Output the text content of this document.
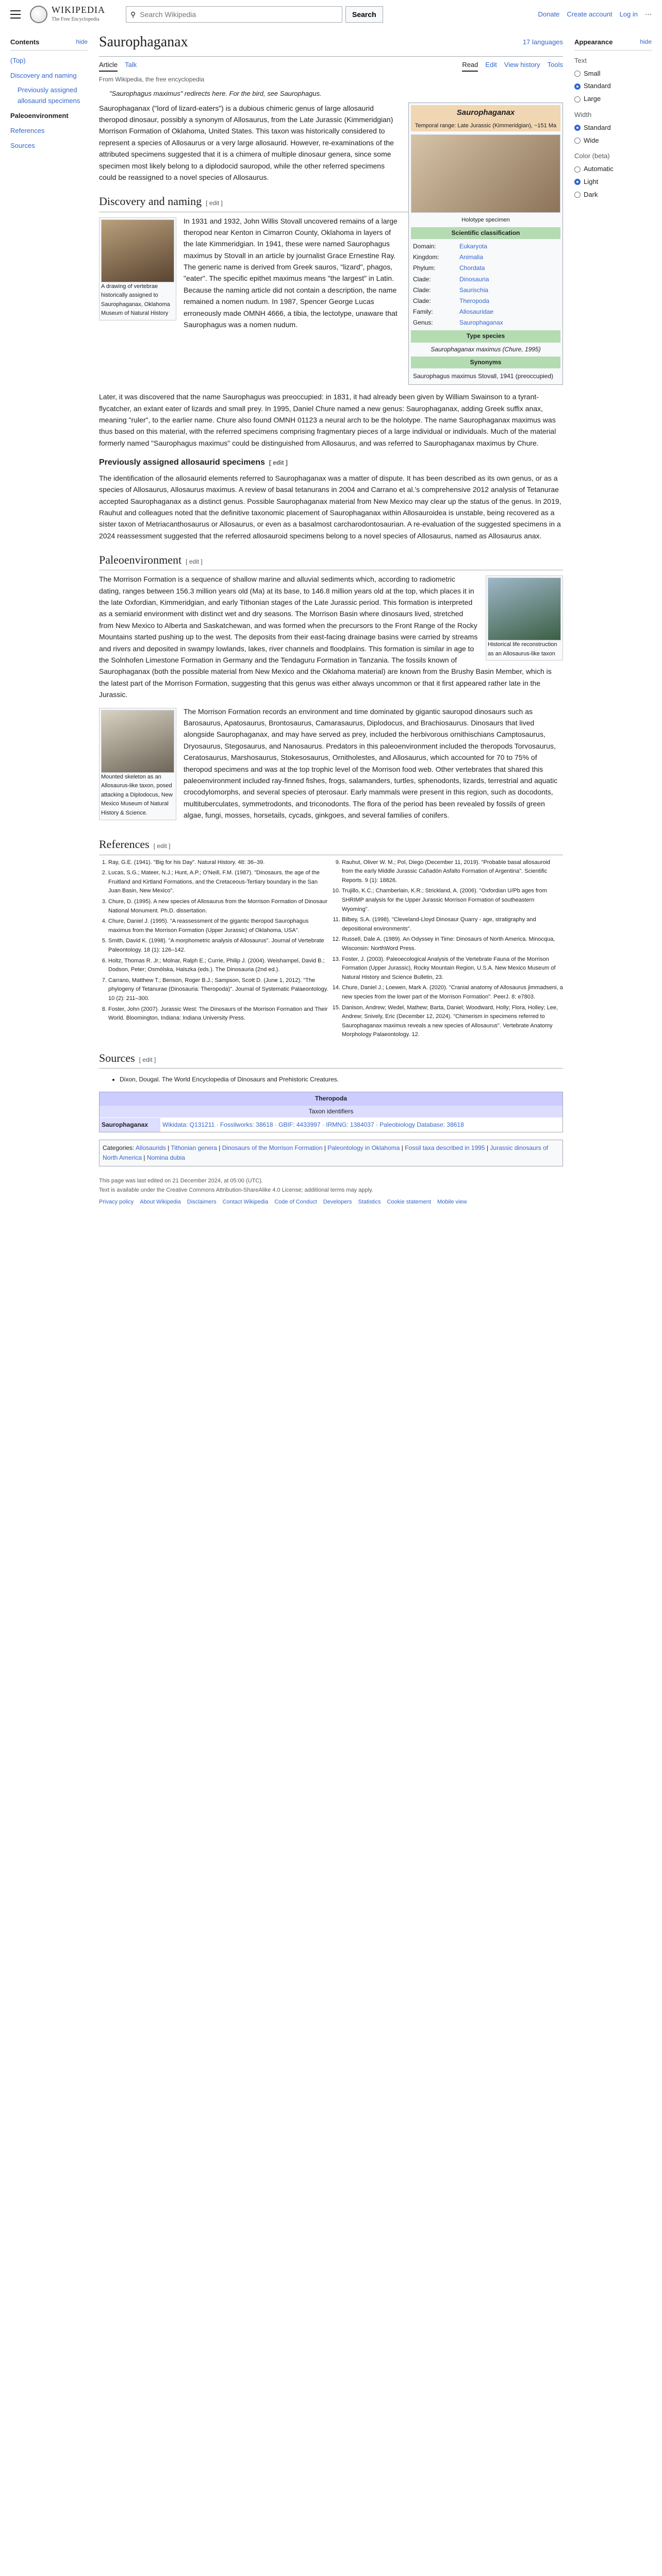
WIKIPEDIA
The Free Encyclopedia
⚲
Search Wikipedia	Search	Donate Create account Log in ⋯
Contents	hide
(Top)
Discovery and naming
Previously assigned allosaurid specimens
Paleoenvironment
References
Sources
Saurophaganax	17 languages
Article Talk	Read Edit View history Tools
From Wikipedia, the free encyclopedia
"Saurophagus maximus" redirects here. For the bird, see Saurophagus.
Saurophaganax
Temporal range: Late Jurassic (Kimmeridgian), ~151 Ma
Holotype specimen
Scientific classification
Domain:	Eukaryota
Kingdom:	Animalia
Phylum:	Chordata
Clade:	Dinosauria
Clade:	Saurischia
Clade:	Theropoda
Family:	Allosauridae
Genus:	Saurophaganax
Type species
Saurophaganax maximus (Chure, 1995)
Synonyms
Saurophagus maximus Stovall, 1941 (preoccupied)

Saurophaganax ("lord of lizard-eaters") is a dubious chimeric genus of large allosaurid theropod dinosaur, possibly a synonym of Allosaurus, from the Late Jurassic (Kimmeridgian) Morrison Formation of Oklahoma, United States. This taxon was historically considered to represent a species of Allosaurus or a very large allosaurid. However, re-examinations of the attributed specimens suggested that it is a chimera of multiple dinosaur genera, since some specimen most likely belong to a diplodocid sauropod, while the other referred specimens could be reassigned to a novel species of Allosaurus.

Discovery and naming [ edit ]
A drawing of vertebrae historically assigned to Saurophaganax, Oklahoma Museum of Natural History

In 1931 and 1932, John Willis Stovall uncovered remains of a large theropod near Kenton in Cimarron County, Oklahoma in layers of the late Kimmeridgian. In 1941, these were named Saurophagus maximus by Stovall in an article by journalist Grace Ernestine Ray. The generic name is derived from Greek sauros, "lizard", phagos, "eater". The specific epithet maximus means "the largest" in Latin. Because the naming article did not contain a description, the name remained a nomen nudum. In 1987, Spencer George Lucas erroneously made OMNH 4666, a tibia, the lectotype, unaware that Saurophagus was a nomen nudum.

Later, it was discovered that the name Saurophagus was preoccupied: in 1831, it had already been given by William Swainson to a tyrant-flycatcher, an extant eater of lizards and small prey. In 1995, Daniel Chure named a new genus: Saurophaganax, adding Greek suffix anax, meaning "ruler", to the earlier name. Chure also found OMNH 01123 a neural arch to be the holotype. The name Saurophaganax maximus was thus based on this material, with the referred specimens comprising fragmentary pieces of a large individual or individuals. Much of the material formerly named "Saurophagus maximus" could be distinguished from Allosaurus, and was referred to Saurophaganax maximus by Chure.

Previously assigned allosaurid specimens [ edit ]

The identification of the allosaurid elements referred to Saurophaganax was a matter of dispute. It has been described as its own genus, or as a species of Allosaurus, Allosaurus maximus. A review of basal tetanurans in 2004 and Carrano et al.'s comprehensive 2012 analysis of Tetanurae accepted Saurophaganax as a distinct genus. Possible Saurophaganax material from New Mexico may clear up the status of the genus. In 2019, Rauhut and colleagues noted that the definitive taxonomic placement of Saurophaganax within Allosauroidea is unstable, being recovered as a sister taxon of Metriacanthosaurus or Allosaurus, or even as a basalmost carcharodontosaurian. A re-evaluation of the suggested specimens in a 2024 reassessment suggested that the referred allosauroid specimens belong to a novel species of Allosaurus, named as Allosaurus anax.

Paleoenvironment [ edit ]
Historical life reconstruction as an Allosaurus-like taxon

The Morrison Formation is a sequence of shallow marine and alluvial sediments which, according to radiometric dating, ranges between 156.3 million years old (Ma) at its base, to 146.8 million years old at the top, which places it in the late Oxfordian, Kimmeridgian, and early Tithonian stages of the Late Jurassic period. This formation is interpreted as a semiarid environment with distinct wet and dry seasons. The Morrison Basin where dinosaurs lived, stretched from New Mexico to Alberta and Saskatchewan, and was formed when the precursors to the Front Range of the Rocky Mountains started pushing up to the west. The deposits from their east-facing drainage basins were carried by streams and rivers and deposited in swampy lowlands, lakes, river channels and floodplains. This formation is similar in age to the Solnhofen Limestone Formation in Germany and the Tendaguru Formation in Tanzania. The fossils known of Saurophaganax (both the possible material from New Mexico and the Oklahoma material) are known from the Brushy Basin Member, which is the latest part of the Morrison Formation, suggesting that this genus was either always uncommon or that it first appeared rather late in the Jurassic.

Mounted skeleton as an Allosaurus-like taxon, posed attacking a Diplodocus, New Mexico Museum of Natural History & Science.

The Morrison Formation records an environment and time dominated by gigantic sauropod dinosaurs such as Barosaurus, Apatosaurus, Brontosaurus, Camarasaurus, Diplodocus, and Brachiosaurus. Dinosaurs that lived alongside Saurophaganax, and may have served as prey, included the herbivorous ornithischians Camptosaurus, Dryosaurus, Stegosaurus, and Nanosaurus. Predators in this paleoenvironment included the theropods Torvosaurus, Ceratosaurus, Marshosaurus, Stokesosaurus, Ornitholestes, and Allosaurus, which accounted for 70 to 75% of theropod specimens and was at the top trophic level of the Morrison food web. Other vertebrates that shared this paleoenvironment included ray-finned fishes, frogs, salamanders, turtles, sphenodonts, lizards, terrestrial and aquatic crocodylomorphs, and several species of pterosaur. Early mammals were present in this region, such as docodonts, multituberculates, symmetrodonts, and triconodonts. The flora of the period has been revealed by fossils of green algae, fungi, mosses, horsetails, cycads, ginkgoes, and several families of conifers.

References [ edit ]
1. Ray, G.E. (1941). "Big for his Day". Natural History. 48: 36–39.
2. Lucas, S.G.; Mateer, N.J.; Hunt, A.P.; O'Neill, F.M. (1987). "Dinosaurs, the age of the Fruitland and Kirtland Formations, and the Cretaceous-Tertiary boundary in the San Juan Basin, New Mexico".
3. Chure, D. (1995). A new species of Allosaurus from the Morrison Formation of Dinosaur National Monument. Ph.D. dissertation.
4. Chure, Daniel J. (1995). "A reassessment of the gigantic theropod Saurophagus maximus from the Morrison Formation (Upper Jurassic) of Oklahoma, USA".
5. Smith, David K. (1998). "A morphometric analysis of Allosaurus". Journal of Vertebrate Paleontology. 18 (1): 126–142.
6. Holtz, Thomas R. Jr.; Molnar, Ralph E.; Currie, Philip J. (2004). Weishampel, David B.; Dodson, Peter; Osmólska, Halszka (eds.). The Dinosauria (2nd ed.).
7. Carrano, Matthew T.; Benson, Roger B.J.; Sampson, Scott D. (June 1, 2012). "The phylogeny of Tetanurae (Dinosauria: Theropoda)". Journal of Systematic Palaeontology. 10 (2): 211–300.
8. Foster, John (2007). Jurassic West: The Dinosaurs of the Morrison Formation and Their World. Bloomington, Indiana: Indiana University Press.
9. Rauhut, Oliver W. M.; Pol, Diego (December 11, 2019). "Probable basal allosauroid from the early Middle Jurassic Cañadón Asfalto Formation of Argentina". Scientific Reports. 9 (1): 18826.
10. Trujillo, K.C.; Chamberlain, K.R.; Strickland, A. (2006). "Oxfordian U/Pb ages from SHRIMP analysis for the Upper Jurassic Morrison Formation of southeastern Wyoming".
11. Bilbey, S.A. (1998). "Cleveland-Lloyd Dinosaur Quarry - age, stratigraphy and depositional environments".
12. Russell, Dale A. (1989). An Odyssey in Time: Dinosaurs of North America. Minocqua, Wisconsin: NorthWord Press.
13. Foster, J. (2003). Paleoecological Analysis of the Vertebrate Fauna of the Morrison Formation (Upper Jurassic), Rocky Mountain Region, U.S.A. New Mexico Museum of Natural History and Science Bulletin, 23.
14. Chure, Daniel J.; Loewen, Mark A. (2020). "Cranial anatomy of Allosaurus jimmadseni, a new species from the lower part of the Morrison Formation". PeerJ. 8: e7803.
15. Danison, Andrew; Wedel, Mathew; Barta, Daniel; Woodward, Holly; Flora, Holley; Lee, Andrew; Snively, Eric (December 12, 2024). "Chimerism in specimens referred to Saurophaganax maximus reveals a new species of Allosaurus". Vertebrate Anatomy Morphology Palaeontology. 12.
Sources [ edit ]
• Dixon, Dougal. The World Encyclopedia of Dinosaurs and Prehistoric Creatures.
Theropoda
Taxon identifiers
Saurophaganax	Wikidata: Q131211 · Fossilworks: 38618 · GBIF: 4433997 · IRMNG: 1384037 · Paleobiology Database: 38618
Categories: Allosaurids | Tithonian genera | Dinosaurs of the Morrison Formation | Paleontology in Oklahoma | Fossil taxa described in 1995 | Jurassic dinosaurs of North America | Nomina dubia
This page was last edited on 21 December 2024, at 05:00 (UTC).
Text is available under the Creative Commons Attribution-ShareAlike 4.0 License; additional terms may apply.
Privacy policy About Wikipedia Disclaimers Contact Wikipedia Code of Conduct Developers Statistics Cookie statement Mobile view
Appearance	hide
Text
Small
Standard
Large
Width
Standard
Wide
Color (beta)
Automatic
Light
Dark
